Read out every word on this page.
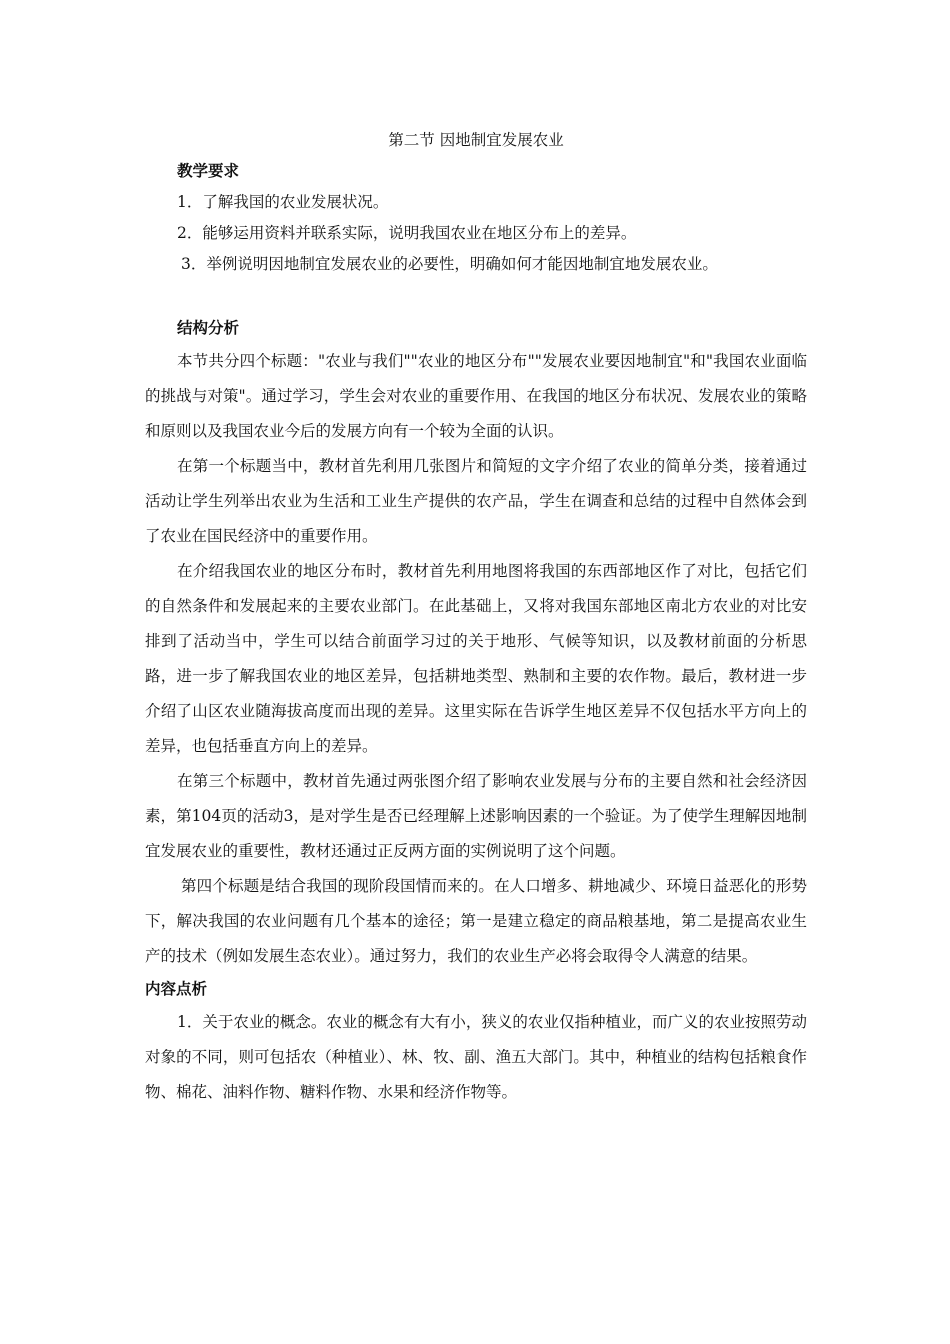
第二节 因地制宜发展农业

教学要求

1．了解我国的农业发展状况。

2．能够运用资料并联系实际，说明我国农业在地区分布上的差异。

3．举例说明因地制宜发展农业的必要性，明确如何才能因地制宜地发展农业。

结构分析

本节共分四个标题："农业与我们""农业的地区分布""发展农业要因地制宜"和"我国农业面临的挑战与对策"。通过学习，学生会对农业的重要作用、在我国的地区分布状况、发展农业的策略和原则以及我国农业今后的发展方向有一个较为全面的认识。

在第一个标题当中，教材首先利用几张图片和简短的文字介绍了农业的简单分类，接着通过活动让学生列举出农业为生活和工业生产提供的农产品，学生在调查和总结的过程中自然体会到了农业在国民经济中的重要作用。

在介绍我国农业的地区分布时，教材首先利用地图将我国的东西部地区作了对比，包括它们的自然条件和发展起来的主要农业部门。在此基础上，又将对我国东部地区南北方农业的对比安排到了活动当中，学生可以结合前面学习过的关于地形、气候等知识，以及教材前面的分析思路，进一步了解我国农业的地区差异，包括耕地类型、熟制和主要的农作物。最后，教材进一步介绍了山区农业随海拔高度而出现的差异。这里实际在告诉学生地区差异不仅包括水平方向上的差异，也包括垂直方向上的差异。

在第三个标题中，教材首先通过两张图介绍了影响农业发展与分布的主要自然和社会经济因素，第104页的活动3，是对学生是否已经理解上述影响因素的一个验证。为了使学生理解因地制宜发展农业的重要性，教材还通过正反两方面的实例说明了这个问题。

第四个标题是结合我国的现阶段国情而来的。在人口增多、耕地减少、环境日益恶化的形势下，解决我国的农业问题有几个基本的途径；第一是建立稳定的商品粮基地，第二是提高农业生产的技术（例如发展生态农业）。通过努力，我们的农业生产必将会取得令人满意的结果。

内容点析

1．关于农业的概念。农业的概念有大有小，狭义的农业仅指种植业，而广义的农业按照劳动对象的不同，则可包括农（种植业）、林、牧、副、渔五大部门。其中，种植业的结构包括粮食作物、棉花、油料作物、糖料作物、水果和经济作物等。
